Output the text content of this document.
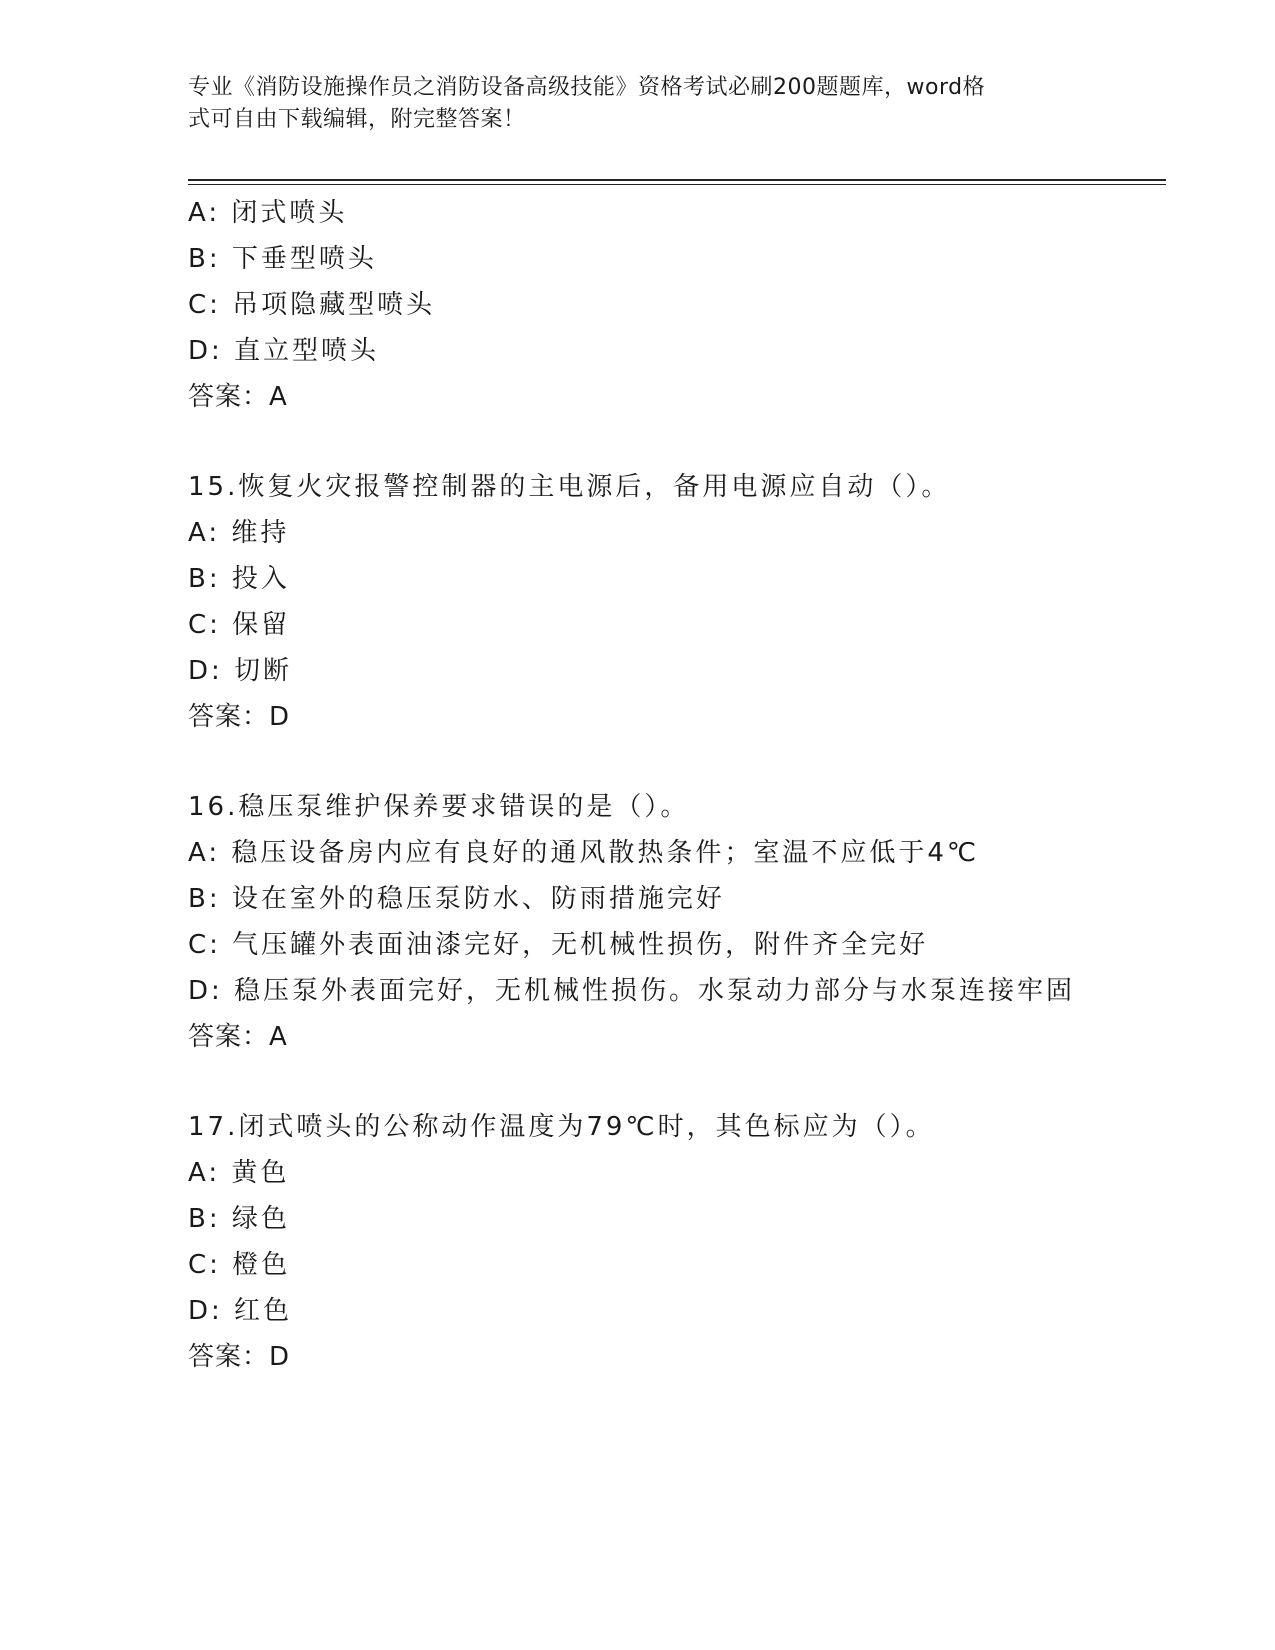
专业《消防设施操作员之消防设备高级技能》资格考试必刷200题题库，word格
式可自由下载编辑，附完整答案！
A: 闭式喷头
B: 下垂型喷头
C: 吊项隐藏型喷头
D: 直立型喷头
答案：A
15.恢复火灾报警控制器的主电源后，备用电源应自动（）。
A: 维持
B: 投入
C: 保留
D: 切断
答案：D
16.稳压泵维护保养要求错误的是（）。
A: 稳压设备房内应有良好的通风散热条件；室温不应低于4℃
B: 设在室外的稳压泵防水、防雨措施完好
C: 气压罐外表面油漆完好，无机械性损伤，附件齐全完好
D: 稳压泵外表面完好，无机械性损伤。水泵动力部分与水泵连接牢固
答案：A
17.闭式喷头的公称动作温度为79℃时，其色标应为（）。
A: 黄色
B: 绿色
C: 橙色
D: 红色
答案：D
